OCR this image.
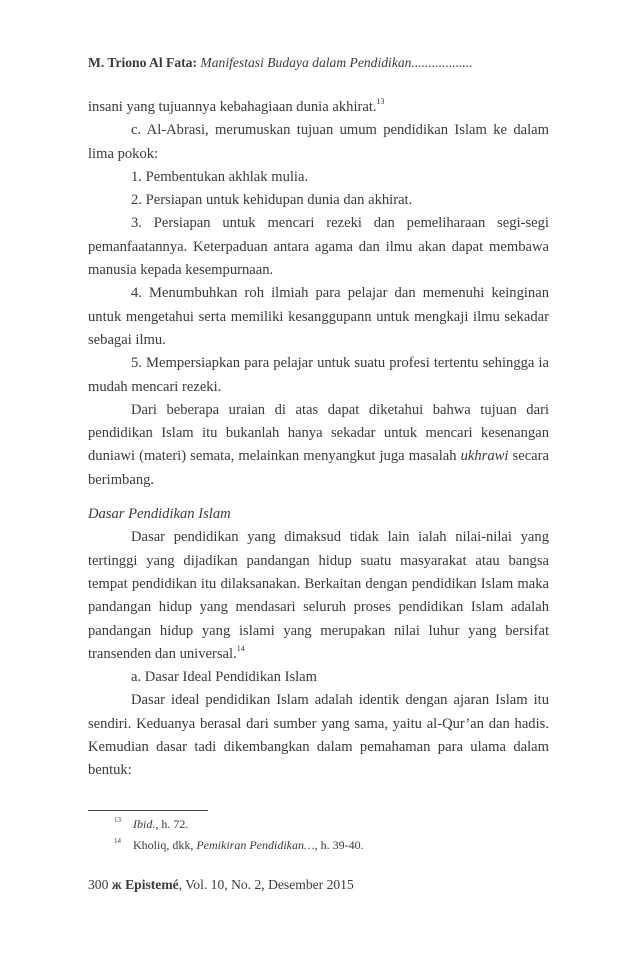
M. Triono Al Fata: Manifestasi Budaya dalam Pendidikan..................

insani yang tujuannya kebahagiaan dunia akhirat.$^{13}$

c. Al-Abrasi, merumuskan tujuan umum pendidikan Islam ke dalam lima pokok:

1. Pembentukan akhlak mulia.

2. Persiapan untuk kehidupan dunia dan akhirat.

3. Persiapan untuk mencari rezeki dan pemeliharaan segi-segi pemanfaatannya. Keterpaduan antara agama dan ilmu akan dapat membawa manusia kepada kesempurnaan.

4. Menumbuhkan roh ilmiah para pelajar dan memenuhi keinginan untuk mengetahui serta memiliki kesanggupann untuk mengkaji ilmu sekadar sebagai ilmu.

5. Mempersiapkan para pelajar untuk suatu profesi tertentu sehingga ia mudah mencari rezeki.

Dari beberapa uraian di atas dapat diketahui bahwa tujuan dari pendidikan Islam itu bukanlah hanya sekadar untuk mencari kesenangan duniawi (materi) semata, melainkan menyangkut juga masalah ukhrawi secara berimbang.

Dasar Pendidikan Islam

Dasar pendidikan yang dimaksud tidak lain ialah nilai-nilai yang tertinggi yang dijadikan pandangan hidup suatu masyarakat atau bangsa tempat pendidikan itu dilaksanakan. Berkaitan dengan pendidikan Islam maka pandangan hidup yang mendasari seluruh proses pendidikan Islam adalah pandangan hidup yang islami yang merupakan nilai luhur yang bersifat transenden dan universal.$^{14}$

a. Dasar Ideal Pendidikan Islam

Dasar ideal pendidikan Islam adalah identik dengan ajaran Islam itu sendiri. Keduanya berasal dari sumber yang sama, yaitu al-Qur’an dan hadis. Kemudian dasar tadi dikembangkan dalam pemahaman para ulama dalam bentuk:

$^{13}$ Ibid., h. 72.

$^{14}$ Kholiq, dkk, Pemikiran Pendidikan…, h. 39-40.

300 ж Epistemé, Vol. 10, No. 2, Desember 2015
